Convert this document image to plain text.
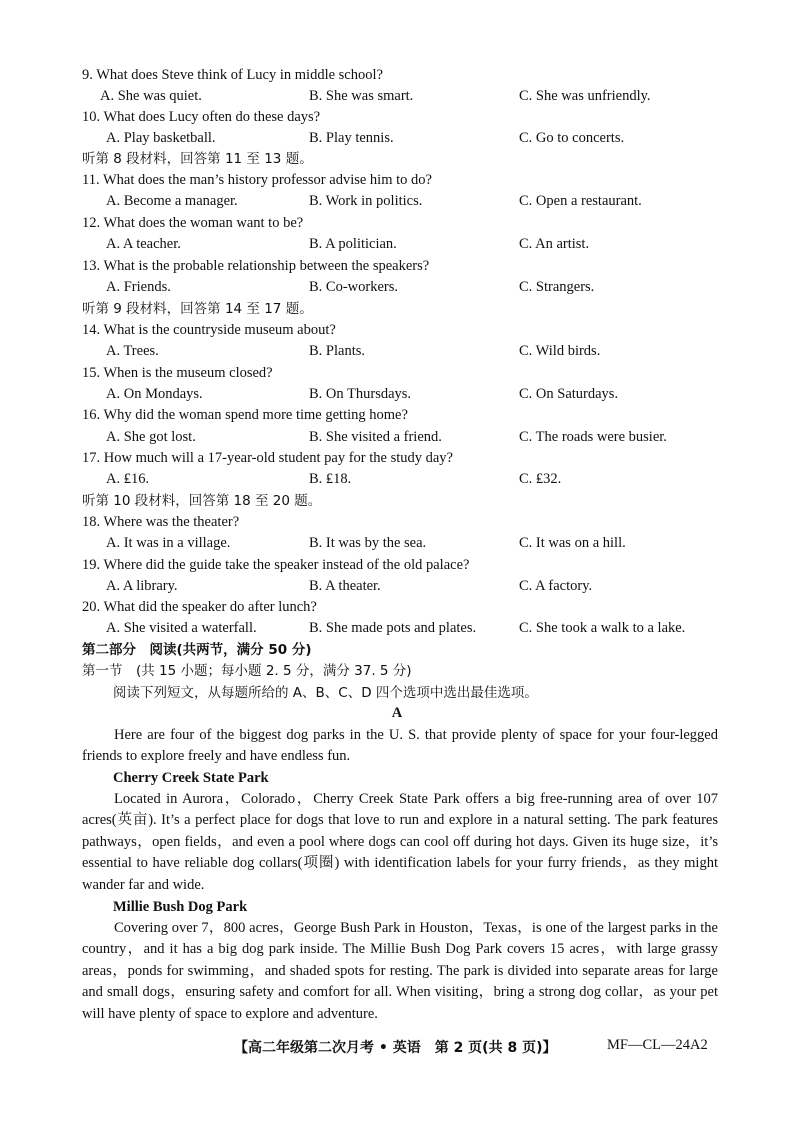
9. What does Steve think of Lucy in middle school?
A. She was quiet.	B. She was smart.	C. She was unfriendly.
10. What does Lucy often do these days?
A. Play basketball.	B. Play tennis.	C. Go to concerts.
听第 8 段材料，回答第 11 至 13 题。
11. What does the man’s history professor advise him to do?
A. Become a manager.	B. Work in politics.	C. Open a restaurant.
12. What does the woman want to be?
A. A teacher.	B. A politician.	C. An artist.
13. What is the probable relationship between the speakers?
A. Friends.	B. Co-workers.	C. Strangers.
听第 9 段材料，回答第 14 至 17 题。
14. What is the countryside museum about?
A. Trees.	B. Plants.	C. Wild birds.
15. When is the museum closed?
A. On Mondays.	B. On Thursdays.	C. On Saturdays.
16. Why did the woman spend more time getting home?
A. She got lost.	B. She visited a friend.	C. The roads were busier.
17. How much will a 17-year-old student pay for the study day?
A. ₤16.	B. ₤18.	C. ₤32.
听第 10 段材料，回答第 18 至 20 题。
18. Where was the theater?
A. It was in a village.	B. It was by the sea.	C. It was on a hill.
19. Where did the guide take the speaker instead of the old palace?
A. A library.	B. A theater.	C. A factory.
20. What did the speaker do after lunch?
A. She visited a waterfall.	B. She made pots and plates.	C. She took a walk to a lake.
第二部分　阅读(共两节，满分 50 分)
第一节　(共 15 小题；每小题 2. 5 分，满分 37. 5 分)
阅读下列短文，从每题所给的 A、B、C、D 四个选项中选出最佳选项。
A
Here are four of the biggest dog parks in the U. S. that provide plenty of space for your four-legged friends to explore freely and have endless fun.
Cherry Creek State Park
Located in Aurora，Colorado，Cherry Creek State Park offers a big free-running area of over 107 acres(英亩). It’s a perfect place for dogs that love to run and explore in a natural setting. The park features pathways，open fields，and even a pool where dogs can cool off during hot days. Given its huge size，it’s essential to have reliable dog collars(项圈) with identification labels for your furry friends，as they might wander far and wide.
Millie Bush Dog Park
Covering over 7，800 acres，George Bush Park in Houston，Texas，is one of the largest parks in the country，and it has a big dog park inside. The Millie Bush Dog Park covers 15 acres，with large grassy areas，ponds for swimming，and shaded spots for resting. The park is divided into separate areas for large and small dogs，ensuring safety and comfort for all. When visiting，bring a strong dog collar，as your pet will have plenty of space to explore and adventure.
【高二年级第二次月考 • 英语　第 2 页(共 8 页)】	MF—CL—24A2
